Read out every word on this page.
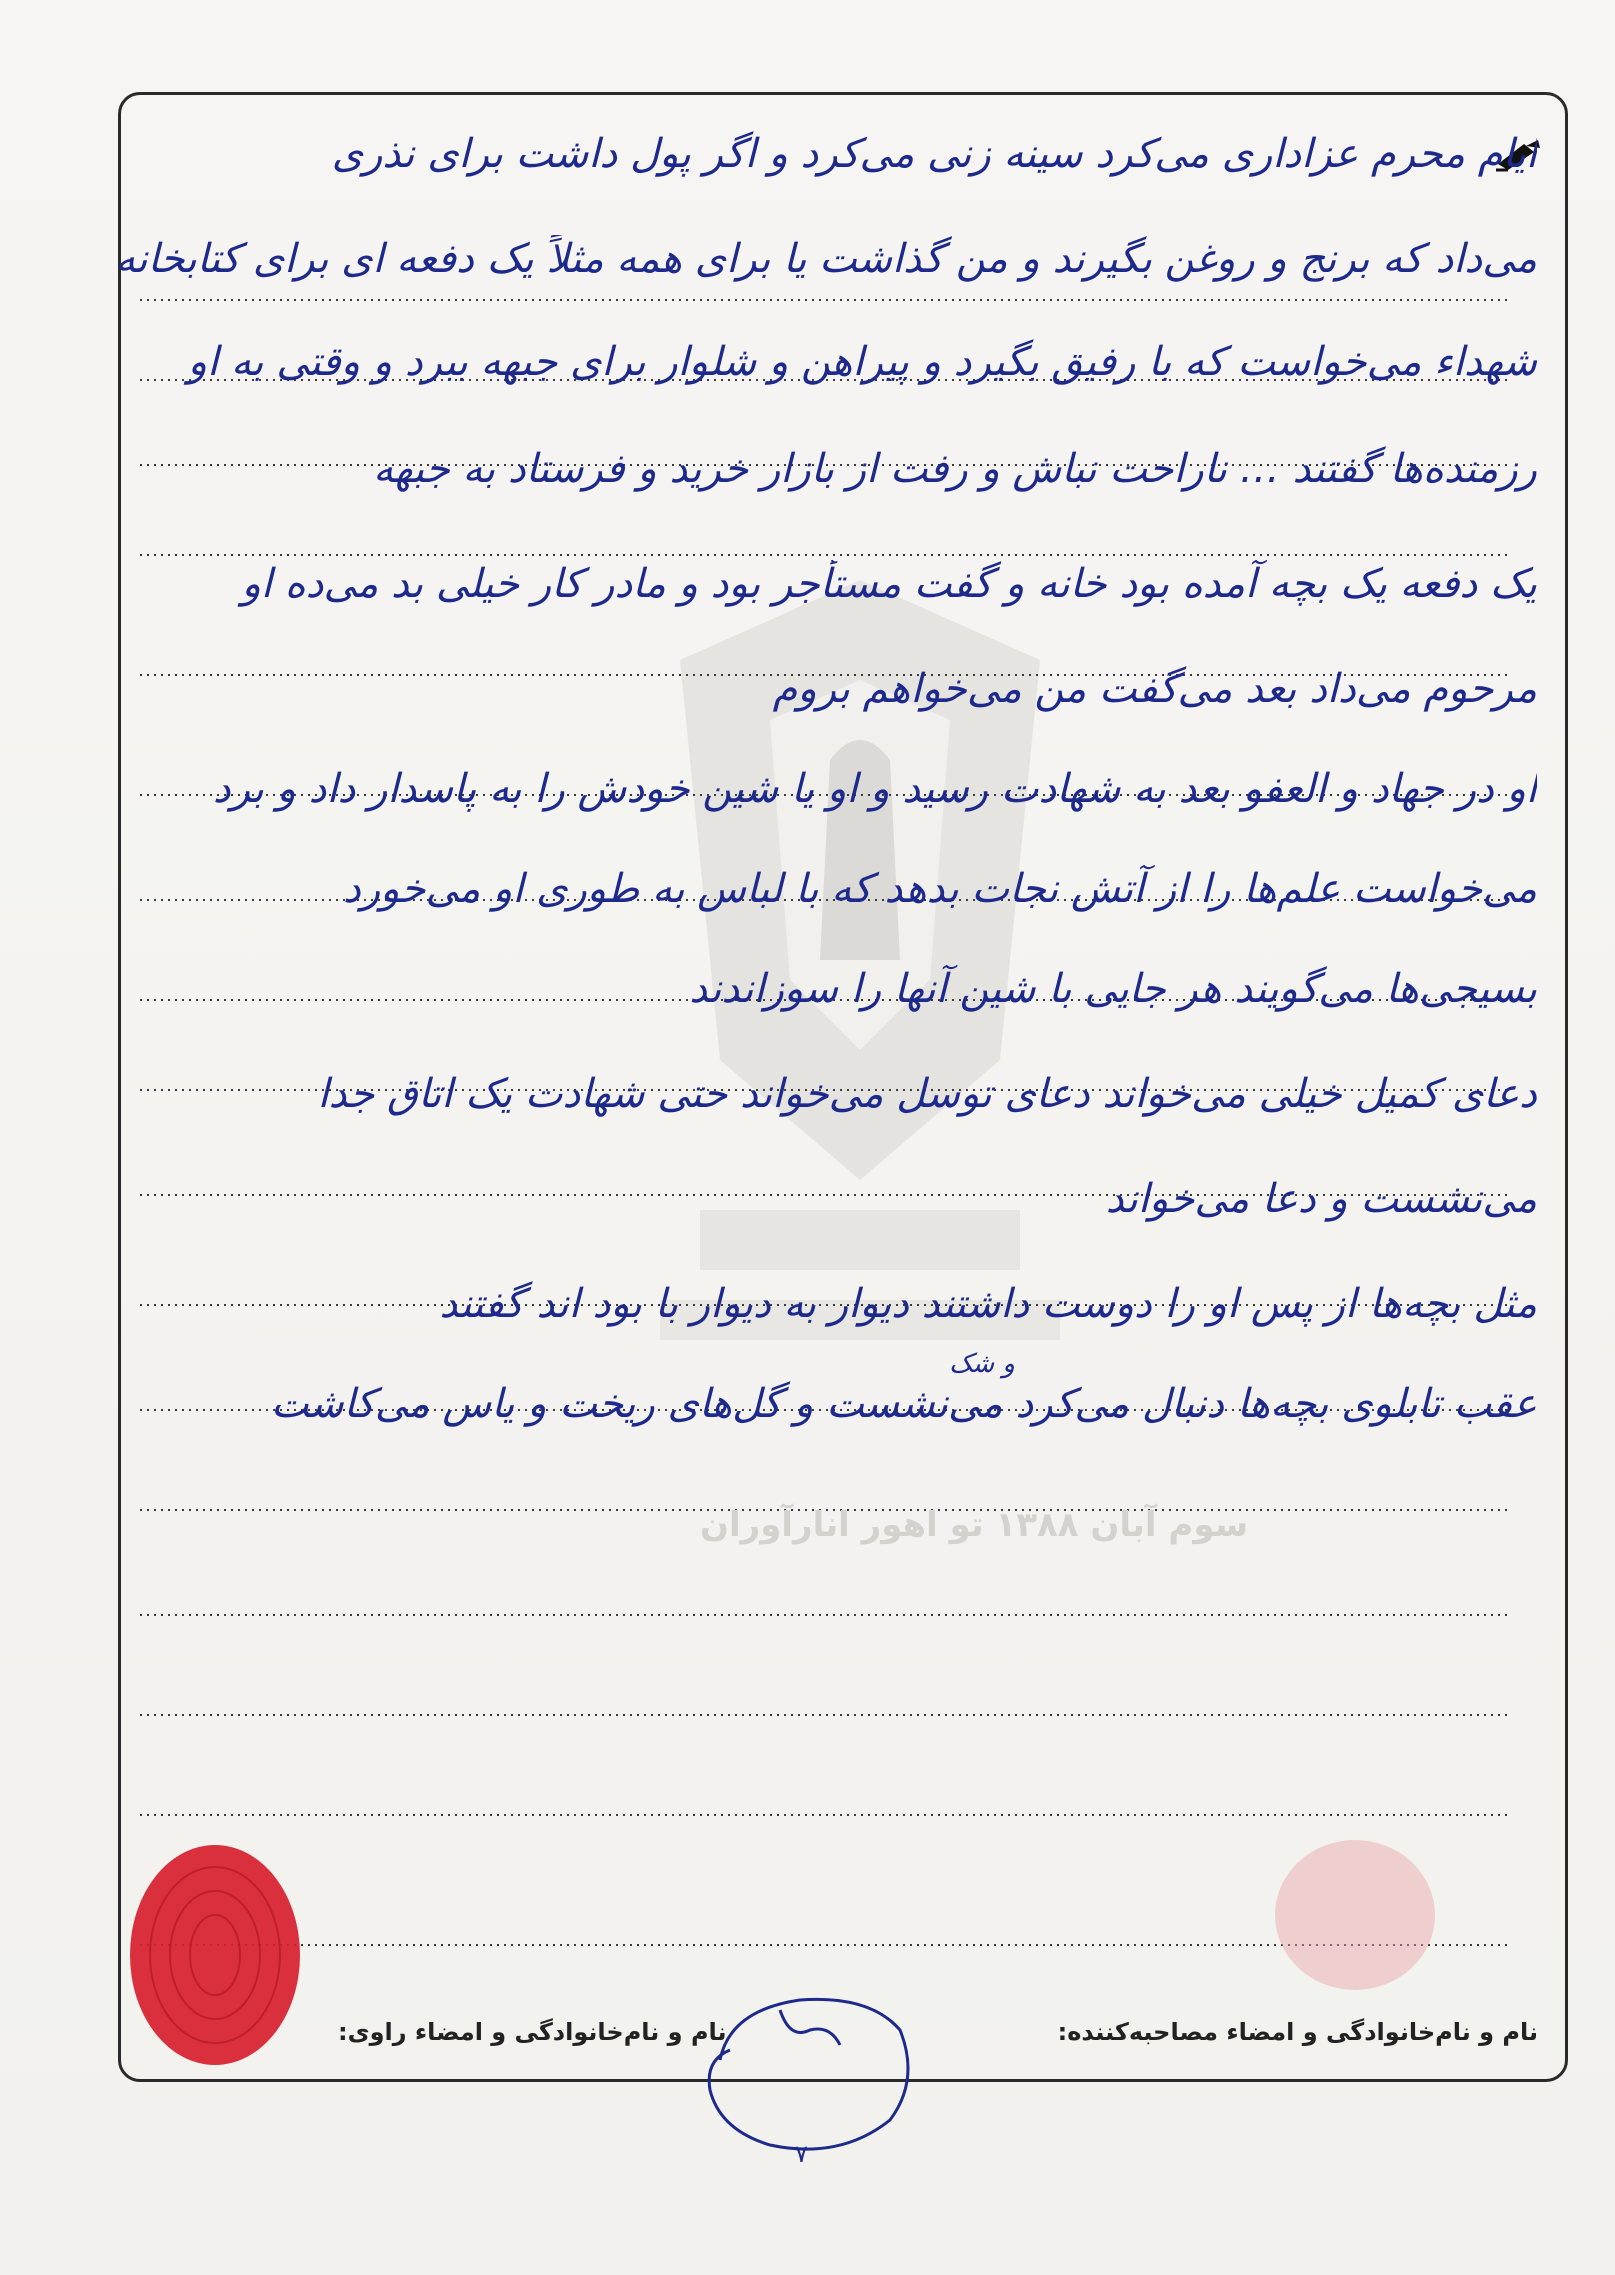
ایام محرم عزاداری می‌کرد سینه زنی می‌کرد و اگر پول داشت برای نذری
می‌داد که برنج و روغن بگیرند و من گذاشت یا برای همه مثلاً یک دفعه ای برای کتابخانه
شهداء می‌خواست که با رفیق بگیرد و پیراهن و شلوار برای جبهه ببرد و وقتی به او
رزمنده‌ها گفتند … ناراحت نباش و رفت از بازار خرید و فرستاد به جبهه
یک دفعه یک بچه آمده بود خانه و گفت مستأجر بود و مادر کار خیلی بد می‌ده او
مرحوم می‌داد بعد می‌گفت من می‌خواهم بروم
او در جهاد و العفو بعد به شهادت رسید و او یا شین خودش را به پاسدار داد و برد
می‌خواست علم‌ها را از آتش نجات بدهد که با لباس به طوری او می‌خورد
بسیجی‌ها می‌گویند هر جایی با شین آنها را سوزاندند
دعای کمیل خیلی می‌خواند دعای توسل می‌خواند حتی شهادت یک اتاق جدا
می‌نشست و دعا می‌خواند
مثل بچه‌ها از پس او را دوست داشتند دیوار به دیوار با بود اند گفتند
عقب تابلوی بچه‌ها دنبال می‌کرد می‌نشست و گل‌های ریخت و یاس می‌کاشت
و شک
سوم آبان ۱۳۸۸ تو اهور انارآوران
نام و نام‌خانوادگی و امضاء مصاحبه‌کننده:
نام و نام‌خانوادگی و امضاء راوی:
۷
